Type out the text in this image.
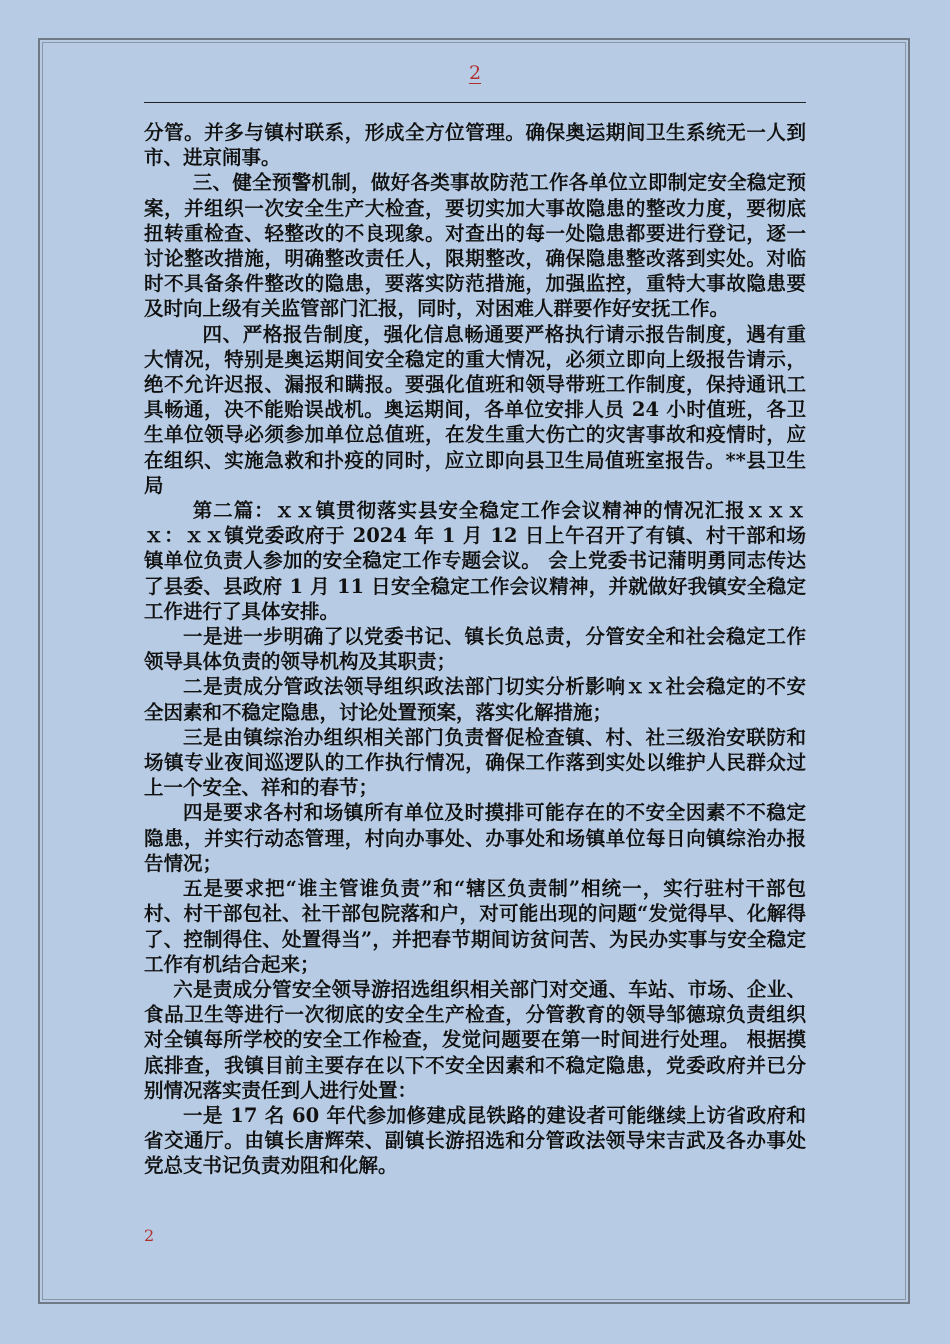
2

分管。并多与镇村联系，形成全方位管理。确保奥运期间卫生系统无一人到市、进京闹事。

三、健全预警机制，做好各类事故防范工作各单位立即制定安全稳定预案，并组织一次安全生产大检查，要切实加大事故隐患的整改力度，要彻底扭转重检查、轻整改的不良现象。对查出的每一处隐患都要进行登记，逐一讨论整改措施，明确整改责任人，限期整改，确保隐患整改落到实处。对临时不具备条件整改的隐患，要落实防范措施，加强监控，重特大事故隐患要及时向上级有关监管部门汇报，同时，对困难人群要作好安抚工作。

四、严格报告制度，强化信息畅通要严格执行请示报告制度，遇有重大情况，特别是奥运期间安全稳定的重大情况，必须立即向上级报告请示，绝不允许迟报、漏报和瞒报。要强化值班和领导带班工作制度，保持通讯工具畅通，决不能贻误战机。奥运期间，各单位安排人员 24 小时值班，各卫生单位领导必须参加单位总值班，在发生重大伤亡的灾害事故和疫情时，应在组织、实施急救和扑疫的同时，应立即向县卫生局值班室报告。**县卫生局

第二篇：ｘｘ镇贯彻落实县安全稳定工作会议精神的情况汇报ｘｘｘｘ：ｘｘ镇党委政府于 2024 年 1 月 12 日上午召开了有镇、村干部和场镇单位负责人参加的安全稳定工作专题会议。 会上党委书记蒲明勇同志传达了县委、县政府 1 月 11 日安全稳定工作会议精神，并就做好我镇安全稳定工作进行了具体安排。

一是进一步明确了以党委书记、镇长负总责，分管安全和社会稳定工作领导具体负责的领导机构及其职责；

二是责成分管政法领导组织政法部门切实分析影响ｘｘ社会稳定的不安全因素和不稳定隐患，讨论处置预案，落实化解措施；

三是由镇综治办组织相关部门负责督促检查镇、村、社三级治安联防和场镇专业夜间巡逻队的工作执行情况，确保工作落到实处以维护人民群众过上一个安全、祥和的春节；

四是要求各村和场镇所有单位及时摸排可能存在的不安全因素不不稳定隐患，并实行动态管理，村向办事处、办事处和场镇单位每日向镇综治办报告情况；

五是要求把“谁主管谁负责”和“辖区负责制”相统一，实行驻村干部包村、村干部包社、社干部包院落和户，对可能出现的问题“发觉得早、化解得了、控制得住、处置得当”，并把春节期间访贫问苦、为民办实事与安全稳定工作有机结合起来；

六是责成分管安全领导游招选组织相关部门对交通、车站、市场、企业、食品卫生等进行一次彻底的安全生产检查，分管教育的领导邹德琼负责组织对全镇每所学校的安全工作检查，发觉问题要在第一时间进行处理。 根据摸底排查，我镇目前主要存在以下不安全因素和不稳定隐患，党委政府并已分别情况落实责任到人进行处置：

一是 17 名 60 年代参加修建成昆铁路的建设者可能继续上访省政府和省交通厅。由镇长唐辉荣、副镇长游招选和分管政法领导宋吉武及各办事处党总支书记负责劝阻和化解。

2
